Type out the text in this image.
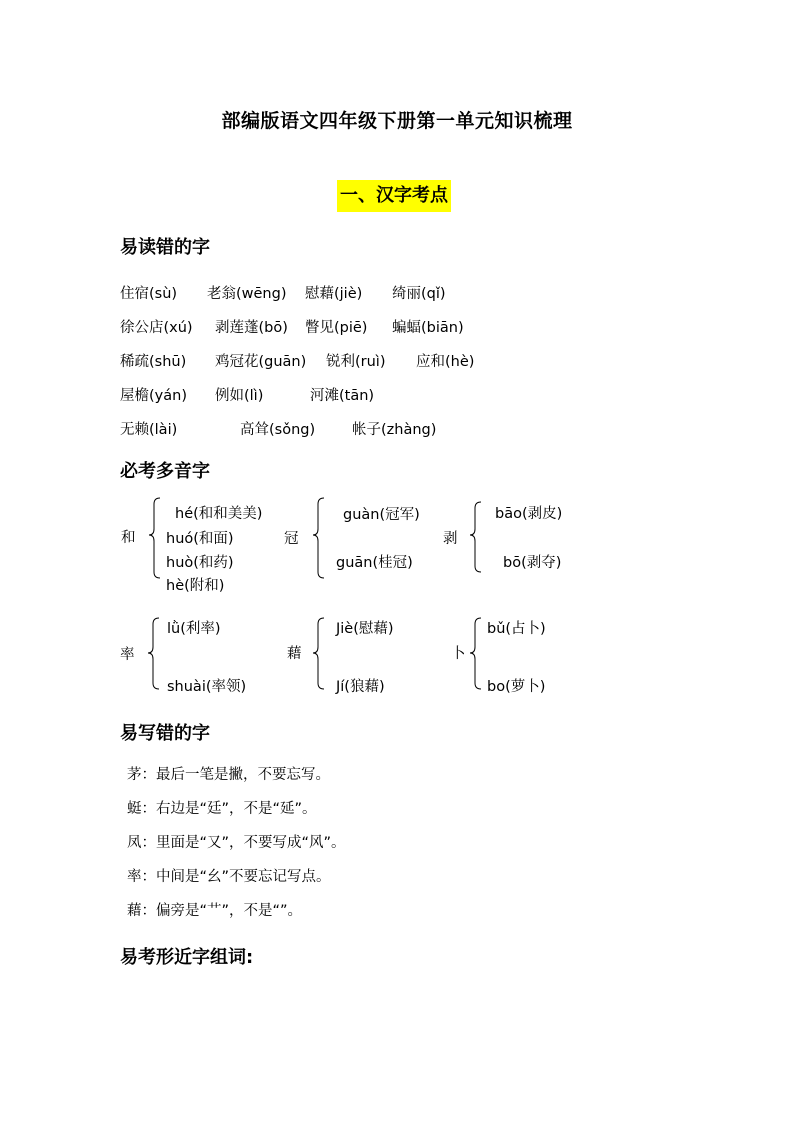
部编版语文四年级下册第一单元知识梳理
一、汉字考点
易读错的字
住宿(sù) 老翁(wēng) 慰藉(jiè) 绮丽(qǐ)
徐公店(xú) 剥莲蓬(bō) 瞥见(piē) 蝙蝠(biān)
稀疏(shū) 鸡冠花(guān) 锐利(ruì) 应和(hè)
屋檐(yán) 例如(lì)	河滩(tān)
无赖(lài)	高耸(sǒng)	帐子(zhàng)
必考多音字
和
hé(和和美美)
huó(和面)
huò(和药)
hè(附和)
冠
guàn(冠军)
guān(桂冠)
剥
bāo(剥皮)
bō(剥夺)
率
lǜ(利率)
shuài(率领)
藉
Jiè(慰藉)
Jí(狼藉)
卜
bǔ(占卜)
bo(萝卜)
易写错的字
茅：最后一笔是撇，不要忘写。
蜓：右边是“廷”，不是“延”。
凤：里面是“又”，不要写成“风”。
率：中间是“幺”不要忘记写点。
藉：偏旁是“艹”，不是“”。
易考形近字组词:
